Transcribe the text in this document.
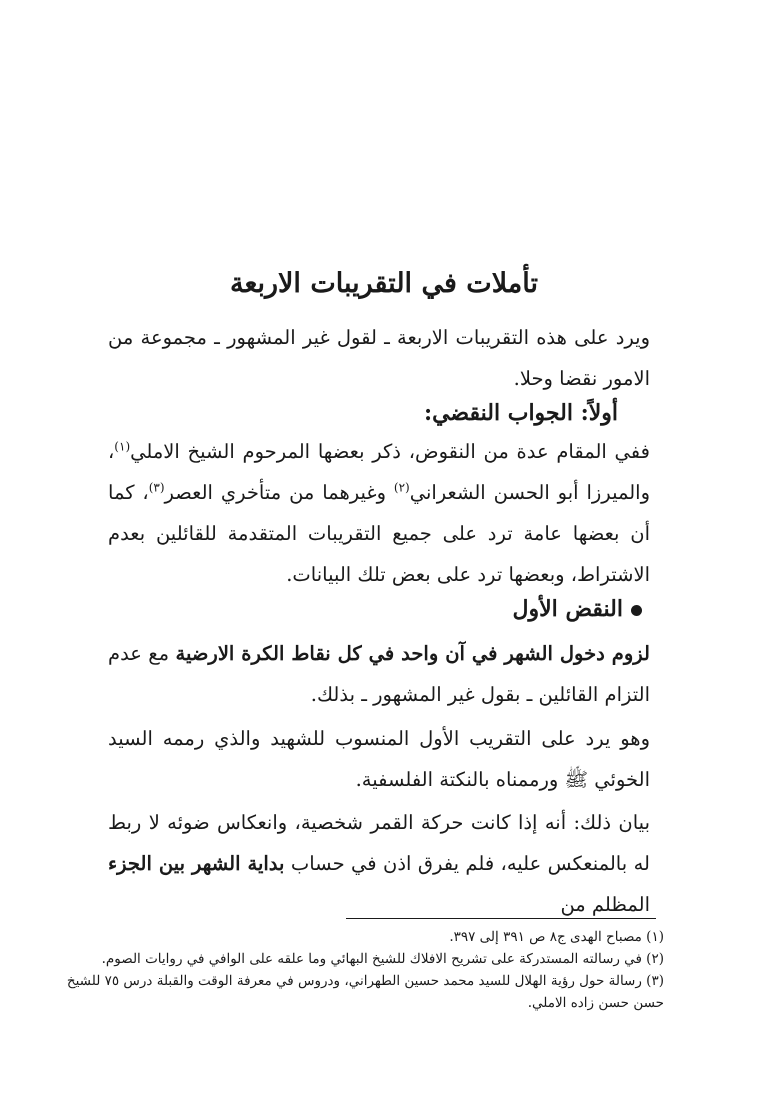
تأملات في التقريبات الاربعة

ويرد على هذه التقريبات الاربعة ـ لقول غير المشهور ـ مجموعة من الامور نقضا وحلا.

أولاً: الجواب النقضي:

ففي المقام عدة من النقوض، ذكر بعضها المرحوم الشيخ الاملي$^{(١)}$، والميرزا أبو الحسن الشعراني$^{(٢)}$ وغيرهما من متأخري العصر$^{(٣)}$، كما أن بعضها عامة ترد على جميع التقريبات المتقدمة للقائلين بعدم الاشتراط، وبعضها ترد على بعض تلك البيانات.

النقض الأول

لزوم دخول الشهر في آن واحد في كل نقاط الكرة الارضية مع عدم التزام القائلين ـ بقول غير المشهور ـ بذلك.

وهو يرد على التقريب الأول المنسوب للشهيد والذي رممه السيد الخوئي ﷺ ورممناه بالنكتة الفلسفية.

بيان ذلك: أنه إذا كانت حركة القمر شخصية، وانعكاس ضوئه لا ربط له بالمنعكس عليه، فلم يفرق اذن في حساب بداية الشهر بين الجزء المظلم من

(١) مصباح الهدى ج٨ ص ٣٩١ إلى ٣٩٧.

(٢) في رسالته المستدركة على تشريح الافلاك للشيخ البهائي وما علقه على الوافي في روايات الصوم.

(٣) رسالة حول رؤية الهلال للسيد محمد حسين الطهراني، ودروس في معرفة الوقت والقبلة درس ٧٥ للشيخ حسن حسن زاده الاملي.
